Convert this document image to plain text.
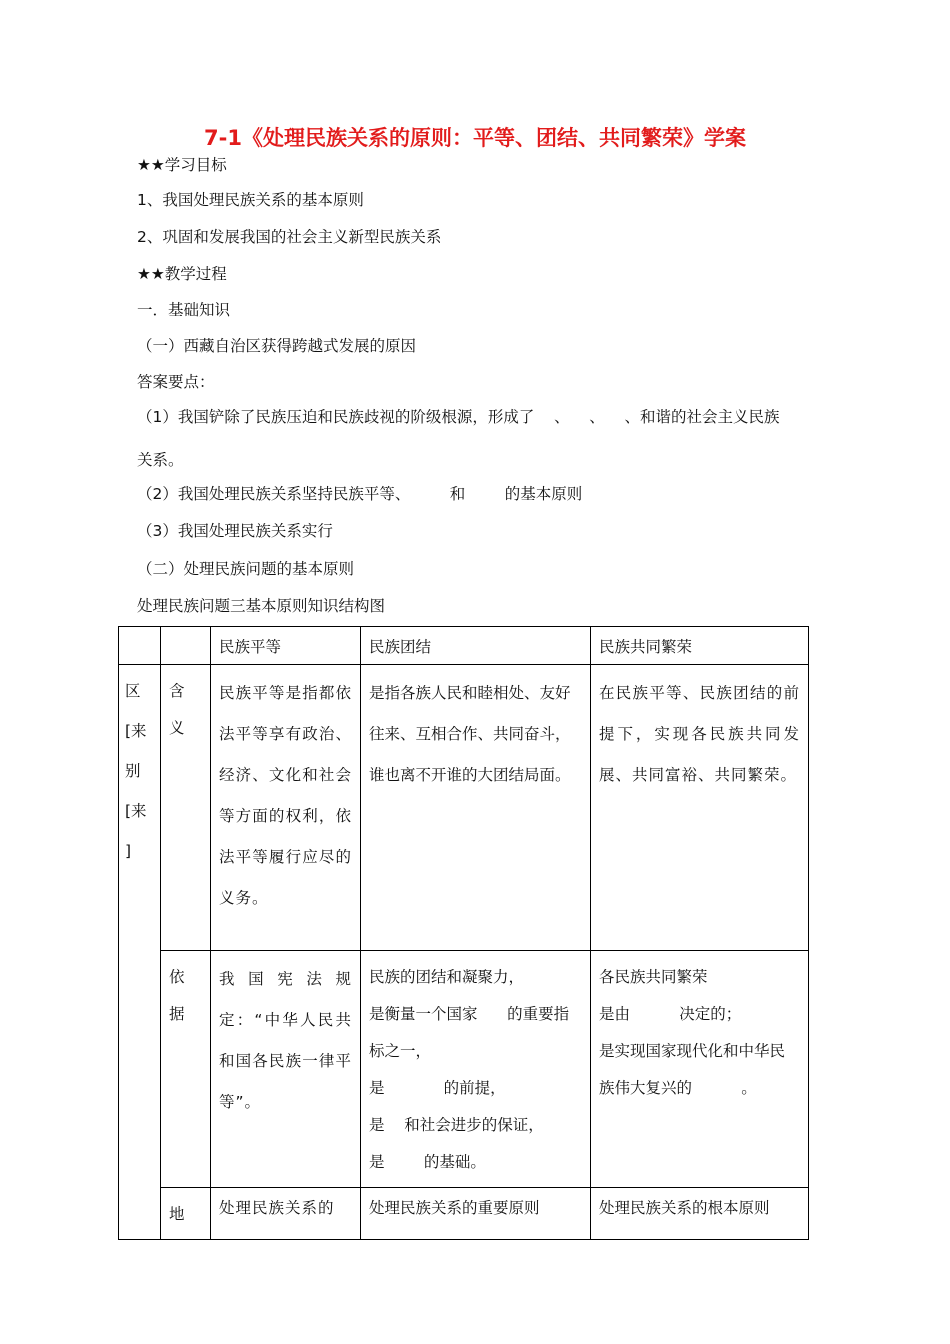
7-1《处理民族关系的原则：平等、团结、共同繁荣》学案
★★学习目标
1、我国处理民族关系的基本原则
2、巩固和发展我国的社会主义新型民族关系
★★教学过程
一．基础知识
（一）西藏自治区获得跨越式发展的原因
答案要点：
（1）我国铲除了民族压迫和民族歧视的阶级根源，形成了    、    、    、和谐的社会主义民族
关系。
（2）我国处理民族关系坚持民族平等、        和        的基本原则
（3）我国处理民族关系实行
（二）处理民族问题的基本原则
处理民族问题三基本原则知识结构图
		民族平等	民族团结	民族共同繁荣
区
[来
别
[来
]	含
义	民族平等是指都依法平等享有政治、经济、文化和社会等方面的权利，依法平等履行应尽的义务。	是指各族人民和睦相处、友好往来、互相合作、共同奋斗，谁也离不开谁的大团结局面。	在民族平等、民族团结的前提下，实现各民族共同发展、共同富裕、共同繁荣。
	依
据	我国宪法规定：“中华人民共和国各民族一律平等”。	民族的团结和凝聚力，
是衡量一个国家      的重要指标之一，
是            的前提，
是    和社会进步的保证，
是        的基础。	各民族共同繁荣
是由          决定的；
是实现国家现代化和中华民族伟大复兴的          。
	地	处理民族关系的	处理民族关系的重要原则	处理民族关系的根本原则
